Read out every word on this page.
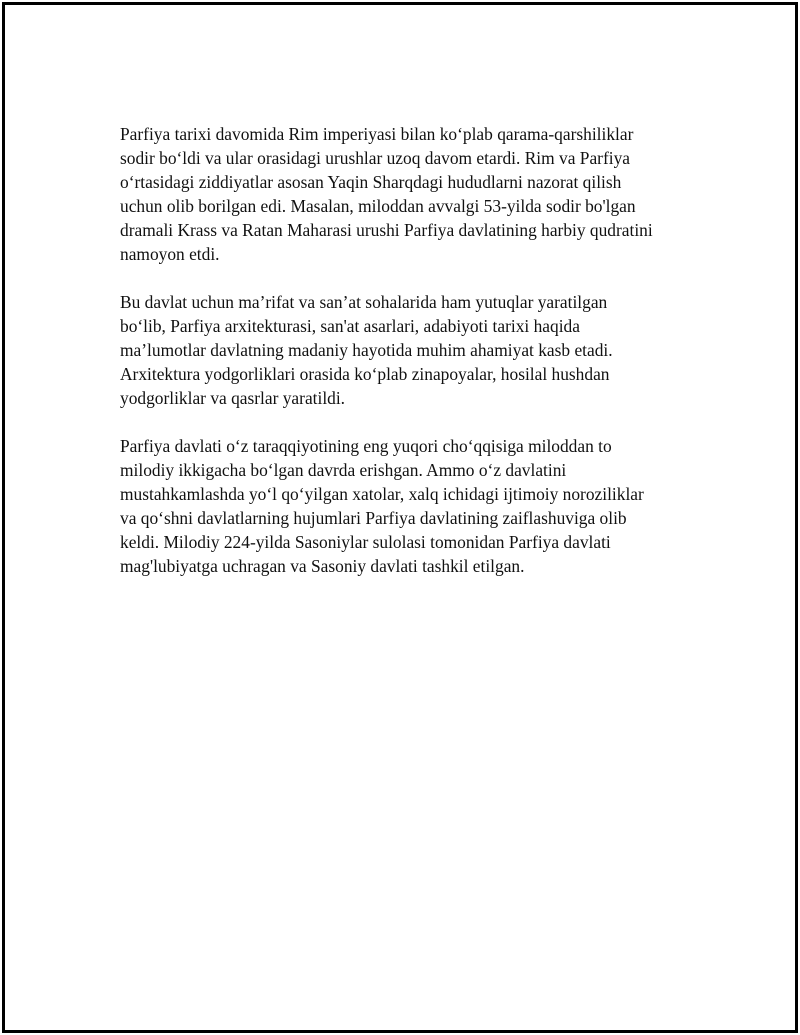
Parfiya tarixi davomida Rim imperiyasi bilan ko‘plab qarama-qarshiliklar
sodir bo‘ldi va ular orasidagi urushlar uzoq davom etardi. Rim va Parfiya
o‘rtasidagi ziddiyatlar asosan Yaqin Sharqdagi hududlarni nazorat qilish
uchun olib borilgan edi. Masalan, miloddan avvalgi 53-yilda sodir bo'lgan
dramali Krass va Ratan Maharasi urushi Parfiya davlatining harbiy qudratini
namoyon etdi.

Bu davlat uchun ma’rifat va san’at sohalarida ham yutuqlar yaratilgan
bo‘lib, Parfiya arxitekturasi, san'at asarlari, adabiyoti tarixi haqida
ma’lumotlar davlatning madaniy hayotida muhim ahamiyat kasb etadi.
Arxitektura yodgorliklari orasida ko‘plab zinapoyalar, hosilal hushdan
yodgorliklar va qasrlar yaratildi.

Parfiya davlati o‘z taraqqiyotining eng yuqori cho‘qqisiga miloddan to
milodiy ikkigacha bo‘lgan davrda erishgan. Ammo o‘z davlatini
mustahkamlashda yo‘l qo‘yilgan xatolar, xalq ichidagi ijtimoiy noroziliklar
va qo‘shni davlatlarning hujumlari Parfiya davlatining zaiflashuviga olib
keldi. Milodiy 224-yilda Sasoniylar sulolasi tomonidan Parfiya davlati
mag'lubiyatga uchragan va Sasoniy davlati tashkil etilgan.
